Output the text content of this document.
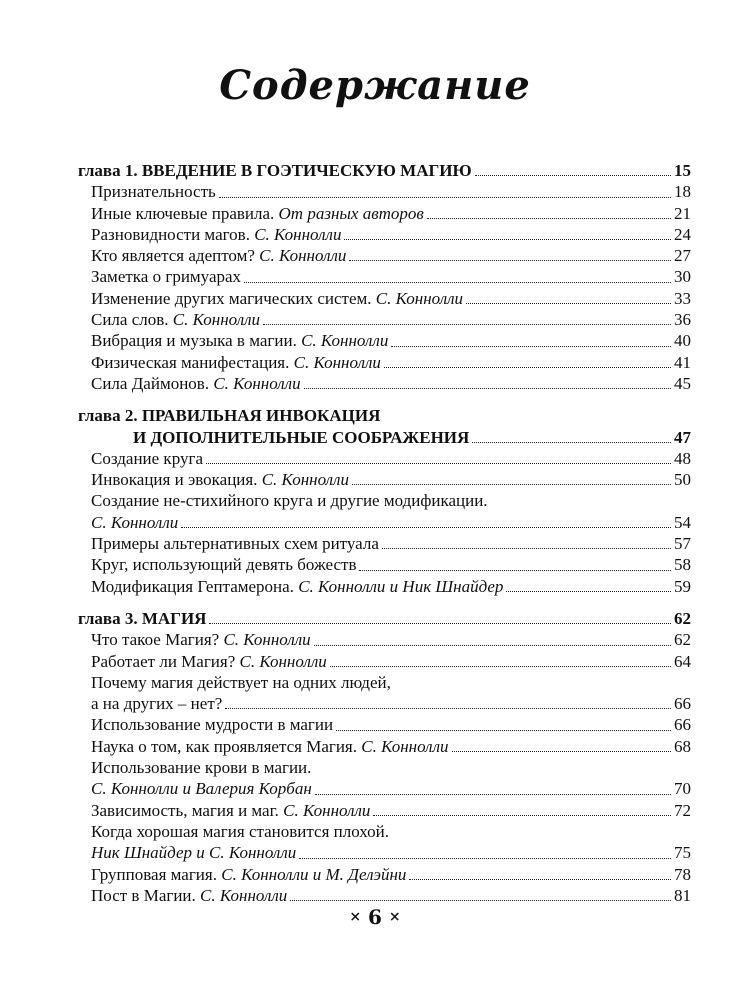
Содержание
глава 1. ВВЕДЕНИЕ В ГОЭТИЧЕСКУЮ МАГИЮ	15
Признательность	18
Иные ключевые правила. От разных авторов	21
Разновидности магов. С. Коннолли	24
Кто является адептом? С. Коннолли	27
Заметка о гримуарах	30
Изменение других магических систем. С. Коннолли	33
Сила слов. С. Коннолли	36
Вибрация и музыка в магии. С. Коннолли	40
Физическая манифестация. С. Коннолли	41
Сила Даймонов. С. Коннолли	45
глава 2. ПРАВИЛЬНАЯ ИНВОКАЦИЯ
И ДОПОЛНИТЕЛЬНЫЕ СООБРАЖЕНИЯ	47
Создание круга	48
Инвокация и эвокация. С. Коннолли	50
Создание не-стихийного круга и другие модификации.
С. Коннолли	54
Примеры альтернативных схем ритуала	57
Круг, использующий девять божеств	58
Модификация Гептамерона. С. Коннолли и Ник Шнайдер	59
глава 3. МАГИЯ	62
Что такое Магия? С. Коннолли	62
Работает ли Магия? С. Коннолли	64
Почему магия действует на одних людей,
а на других – нет?	66
Использование мудрости в магии	66
Наука о том, как проявляется Магия. С. Коннолли	68
Использование крови в магии.
С. Коннолли и Валерия Корбан	70
Зависимость, магия и маг. С. Коннолли	72
Когда хорошая магия становится плохой.
Ник Шнайдер и С. Коннолли	75
Групповая магия. С. Коннолли и М. Делэйни	78
Пост в Магии. С. Коннолли	81
× 6 ×
